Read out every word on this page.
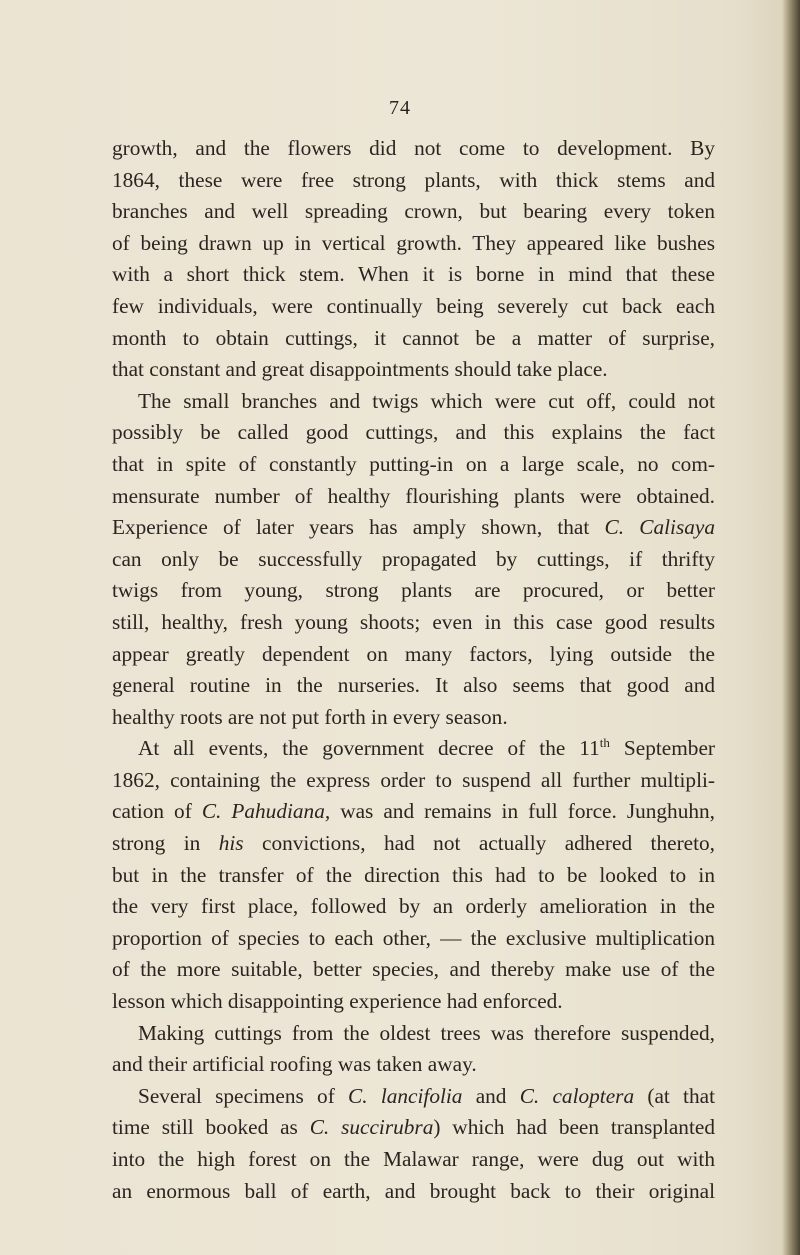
74

growth, and the flowers did not come to development. By
1864, these were free strong plants, with thick stems and
branches and well spreading crown, but bearing every token
of being drawn up in vertical growth. They appeared like bushes
with a short thick stem. When it is borne in mind that these
few individuals, were continually being severely cut back each
month to obtain cuttings, it cannot be a matter of surprise,
that constant and great disappointments should take place.
The small branches and twigs which were cut off, could not
possibly be called good cuttings, and this explains the fact
that in spite of constantly putting-in on a large scale, no com-
mensurate number of healthy flourishing plants were obtained.
Experience of later years has amply shown, that C. Calisaya
can only be successfully propagated by cuttings, if thrifty
twigs from young, strong plants are procured, or better
still, healthy, fresh young shoots; even in this case good results
appear greatly dependent on many factors, lying outside the
general routine in the nurseries. It also seems that good and
healthy roots are not put forth in every season.
At all events, the government decree of the 11th September
1862, containing the express order to suspend all further multipli-
cation of C. Pahudiana, was and remains in full force. Junghuhn,
strong in his convictions, had not actually adhered thereto,
but in the transfer of the direction this had to be looked to in
the very first place, followed by an orderly amelioration in the
proportion of species to each other, — the exclusive multiplication
of the more suitable, better species, and thereby make use of the
lesson which disappointing experience had enforced.
Making cuttings from the oldest trees was therefore suspended,
and their artificial roofing was taken away.
Several specimens of C. lancifolia and C. caloptera (at that
time still booked as C. succirubra) which had been transplanted
into the high forest on the Malawar range, were dug out with
an enormous ball of earth, and brought back to their original
